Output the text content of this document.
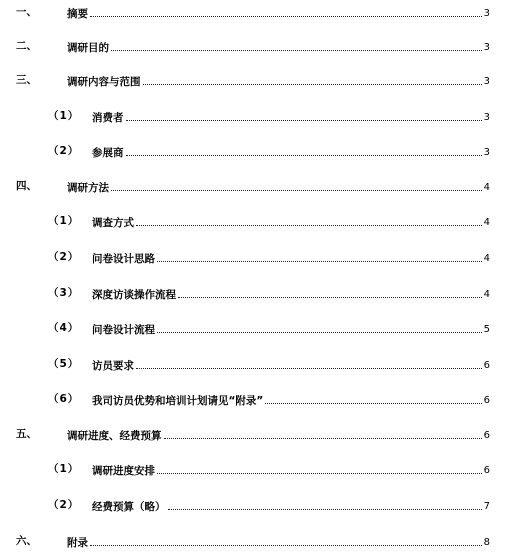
一、	摘要	3
二、	调研目的	3
三、	调研内容与范围	3
（1） 消费者	3
（2） 参展商	3
四、	调研方法	4
（1） 调查方式	4
（2） 问卷设计思路	4
（3） 深度访谈操作流程	4
（4） 问卷设计流程	5
（5） 访员要求	6
（6） 我司访员优势和培训计划请见“附录”	6
五、	调研进度、经费预算	6
（1） 调研进度安排	6
（2） 经费预算（略）	7
六、	附录	8
